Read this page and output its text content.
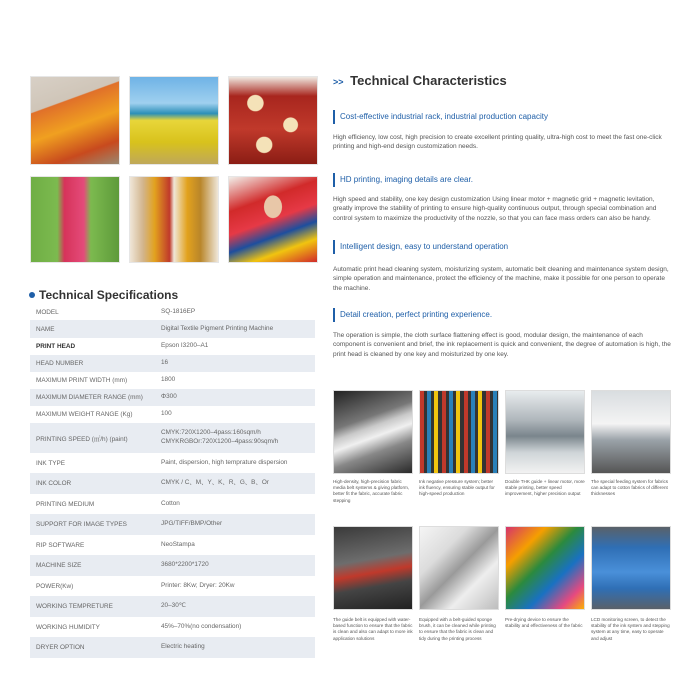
Technical Specifications
MODEL	SQ-1816EP
NAME	Digital Textile Pigment Printing Machine
PRINT HEAD	Epson I3200–A1
HEAD NUMBER	16
MAXIMUM PRINT WIDTH (mm)	1800
MAXIMUM DIAMETER RANGE (mm)	Φ300
MAXIMUM WEIGHT RANGE (Kg)	100
PRINTING SPEED (㎡/h) (paint)
CMYK:720X1200–4pass:160sqm/h
CMYKRGBOr:720X1200–4pass:90sqm/h
INK TYPE	Paint, dispersion, high temprature dispersion
INK COLOR	CMYK / C、M、Y、K、R、G、B、Or
PRINTING MEDIUM	Cotton
SUPPORT FOR IMAGE TYPES	JPG/TIFF/BMP/Other
RIP SOFTWARE	NeoStampa
MACHINE SIZE	3680*2200*1720
POWER(Kw)	Printer: 8Kw; Dryer: 20Kw
WORKING TEMPRETURE	20–30℃
WORKING HUMIDITY	45%–70%(no condensation)
DRYER OPTION	Electric heating
>> Technical Characteristics
Cost-effective industrial rack, industrial production capacity
High efficiency, low cost, high precision to create excellent printing quality, ultra-high cost to meet the fast one-click printing and high-end design customization needs.
HD printing, imaging details are clear.
High speed and stability, one key design customization Using linear motor + magnetic grid + magnetic levitation, greatly improve the stability of printing to ensure high-quality continuous output, through special combination and control system to maximize the productivity of the nozzle, so that you can face mass orders can also be handy.
Intelligent design, easy to understand operation
Automatic print head cleaning system, moisturizing system, automatic belt cleaning and maintenance system design, simple operation and maintenance, protect the efficiency of the machine, make it possible for one person to operate the machine.
Detail creation, perfect printing experience.
The operation is simple, the cloth surface flattening effect is good, modular design, the maintenance of each component is convenient and brief, the ink replacement is quick and convenient, the degree of automation is high, the print head is cleaned by one key and moisturized by one key.
High-density, high-precision fabric media belt systems & giving platform, better fit the fabric, accurate fabric stepping
Ink negative pressure system; better ink fluency, ensuring stable output for high-speed production
Double THK guide + linear motor, more stable printing, better speed improvement, higher precision output
The special feeding system for fabrics can adapt to cotton fabrics of different thicknesses
The guide belt is equipped with water-based function to ensure that the fabric is clean and also can adapt to more ink application solutions
Equipped with a belt-guided sponge brush, it can be cleaned while printing to ensure that the fabric is clean and tidy during the printing process
Pre-drying device to ensure the stability and effectiveness of the fabric
LCD monitoring screen, to detect the stability of the ink system and stepping system at any time, easy to operate and adjust
